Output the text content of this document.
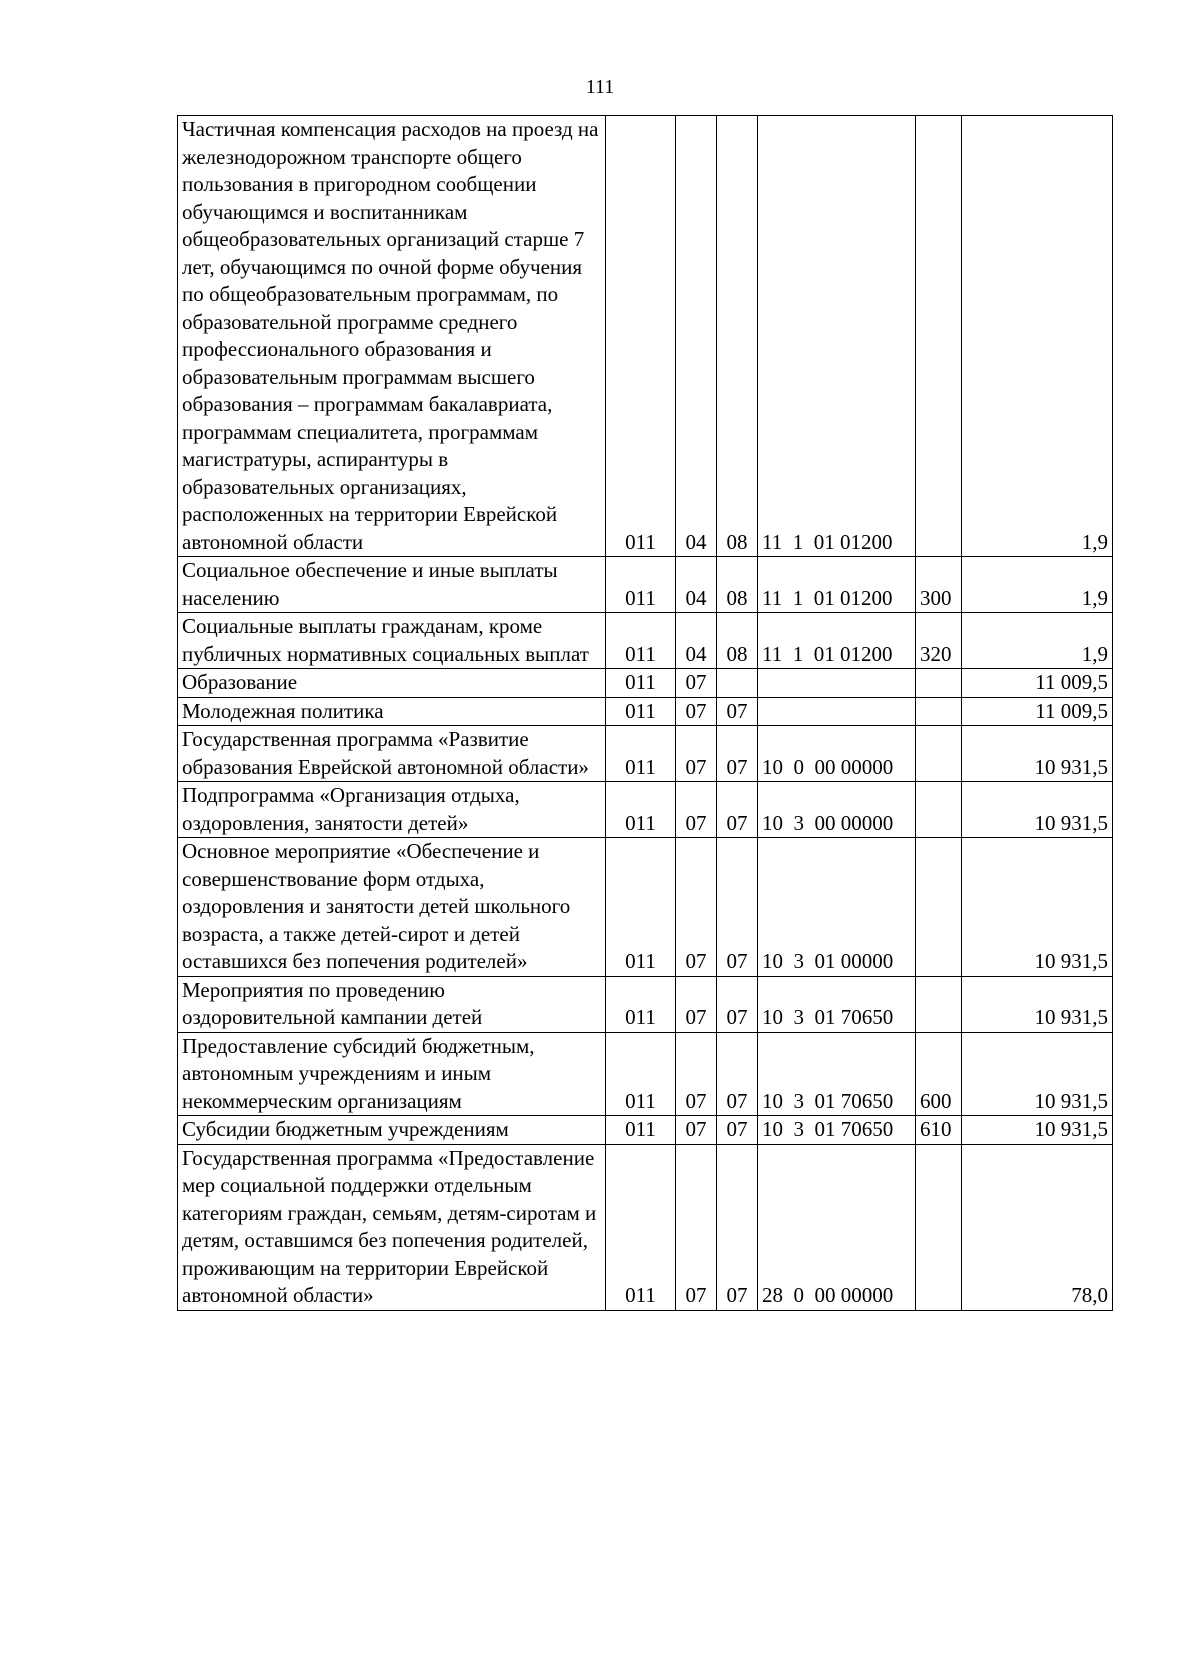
111
Частичная компенсация расходов на проезд на железнодорожном транспорте общего пользования в пригородном сообщении обучающимся и воспитанникам общеобразовательных организаций старше 7 лет, обучающимся по очной форме обучения по общеобразовательным программам, по образовательной программе среднего профессионального образования и образовательным программам высшего образования – программам бакалавриата, программам специалитета, программам магистратуры, аспирантуры в образовательных организациях, расположенных на территории Еврейской автономной области	011	04	08	11  1  01 01200		1,9
Социальное обеспечение и иные выплаты населению	011	04	08	11  1  01 01200	300	1,9
Социальные выплаты гражданам, кроме публичных нормативных социальных выплат	011	04	08	11  1  01 01200	320	1,9
Образование	011	07				11 009,5
Молодежная политика	011	07	07			11 009,5
Государственная программа «Развитие образования Еврейской автономной области»	011	07	07	10  0  00 00000		10 931,5
Подпрограмма «Организация отдыха, оздоровления, занятости детей»	011	07	07	10  3  00 00000		10 931,5
Основное мероприятие «Обеспечение и совершенствование форм отдыха, оздоровления и занятости детей школьного возраста, а также детей-сирот и детей оставшихся без попечения родителей»	011	07	07	10  3  01 00000		10 931,5
Мероприятия по проведению оздоровительной кампании детей	011	07	07	10  3  01 70650		10 931,5
Предоставление субсидий бюджетным, автономным учреждениям и иным некоммерческим организациям	011	07	07	10  3  01 70650	600	10 931,5
Субсидии бюджетным учреждениям	011	07	07	10  3  01 70650	610	10 931,5
Государственная программа «Предоставление мер социальной поддержки отдельным категориям граждан, семьям, детям-сиротам и детям, оставшимся без попечения родителей, проживающим на территории Еврейской автономной области»	011	07	07	28  0  00 00000		78,0
